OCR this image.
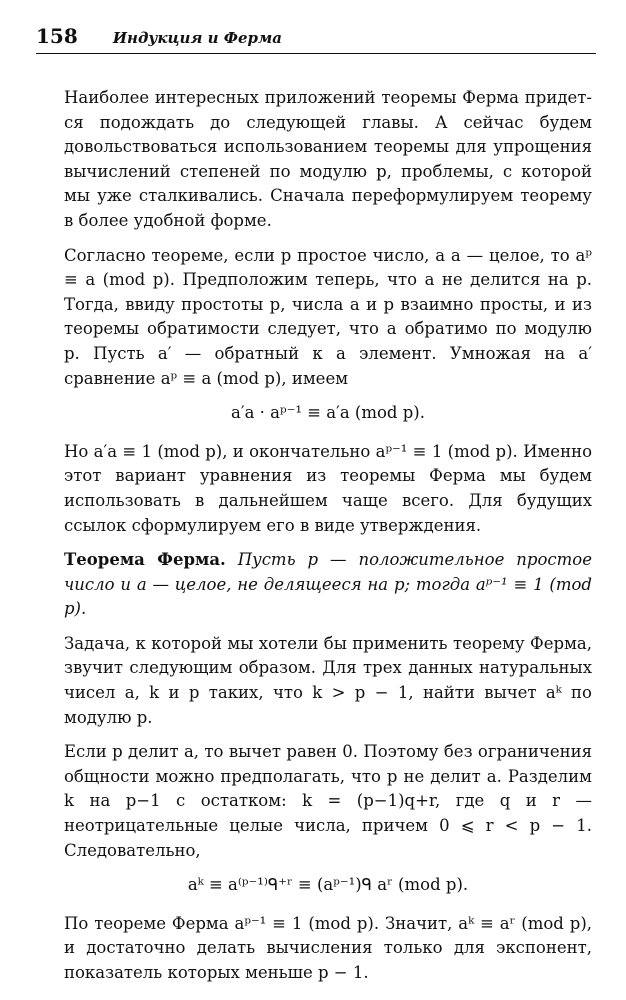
158 Индукция и Ферма

Наиболее интересных приложений теоремы Ферма придется подождать до следующей главы. А сейчас будем довольствоваться использованием теоремы для упрощения вычислений степеней по модулю p, проблемы, с которой мы уже сталкивались. Сначала переформулируем теорему в более удобной форме.

Согласно теореме, если p простое число, а a — целое, то aᵖ ≡ a (mod p). Предположим теперь, что a не делится на p. Тогда, ввиду простоты p, числа a и p взаимно просты, и из теоремы обратимости следует, что a обратимо по модулю p. Пусть a′ — обратный к a элемент. Умножая на a′ сравнение aᵖ ≡ a (mod p), имеем

a′a · aᵖ⁻¹ ≡ a′a (mod p).

Но a′a ≡ 1 (mod p), и окончательно aᵖ⁻¹ ≡ 1 (mod p). Именно этот вариант уравнения из теоремы Ферма мы будем использовать в дальнейшем чаще всего. Для будущих ссылок сформулируем его в виде утверждения.

Теорема Ферма. Пусть p — положительное простое число и a — целое, не делящееся на p; тогда aᵖ⁻¹ ≡ 1 (mod p).

Задача, к которой мы хотели бы применить теорему Ферма, звучит следующим образом. Для трех данных натуральных чисел a, k и p таких, что k > p − 1, найти вычет aᵏ по модулю p.

Если p делит a, то вычет равен 0. Поэтому без ограничения общности можно предполагать, что p не делит a. Разделим k на p−1 с остатком: k = (p−1)q+r, где q и r — неотрицательные целые числа, причем 0 ⩽ r < p − 1. Следовательно,

aᵏ ≡ a⁽ᵖ⁻¹⁾ᑫ⁺ʳ ≡ (aᵖ⁻¹)ᑫ aʳ (mod p).

По теореме Ферма aᵖ⁻¹ ≡ 1 (mod p). Значит, aᵏ ≡ aʳ (mod p), и достаточно делать вычисления только для экспонент, показатель которых меньше p − 1.
